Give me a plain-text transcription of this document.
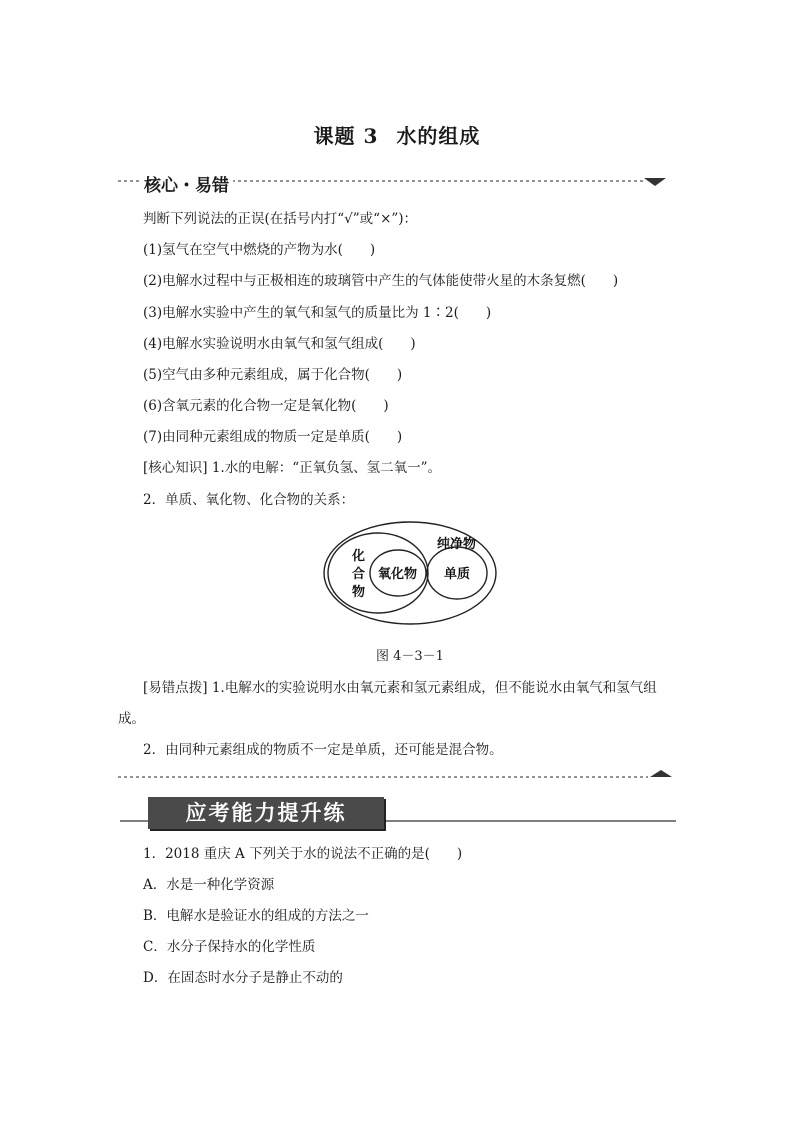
课题 3 水的组成
核心・易错
判断下列说法的正误(在括号内打“√”或“×”)：
(1)氢气在空气中燃烧的产物为水(　　)
(2)电解水过程中与正极相连的玻璃管中产生的气体能使带火星的木条复燃(　　)
(3)电解水实验中产生的氧气和氢气的质量比为 1∶2(　　)
(4)电解水实验说明水由氧气和氢气组成(　　)
(5)空气由多种元素组成，属于化合物(　　)
(6)含氧元素的化合物一定是氧化物(　　)
(7)由同种元素组成的物质一定是单质(　　)
[核心知识] 1.水的电解：“正氧负氢、氢二氧一”。
2．单质、氧化物、化合物的关系：
纯净物
化
合
物
氧化物 单质
图 4－3－1
[易错点拨] 1.电解水的实验说明水由氧元素和氢元素组成，但不能说水由氧气和氢气组
成。
2．由同种元素组成的物质不一定是单质，还可能是混合物。
应考能力提升练
1．2018 重庆 A 下列关于水的说法不正确的是(　　)
A．水是一种化学资源
B．电解水是验证水的组成的方法之一
C．水分子保持水的化学性质
D．在固态时水分子是静止不动的
